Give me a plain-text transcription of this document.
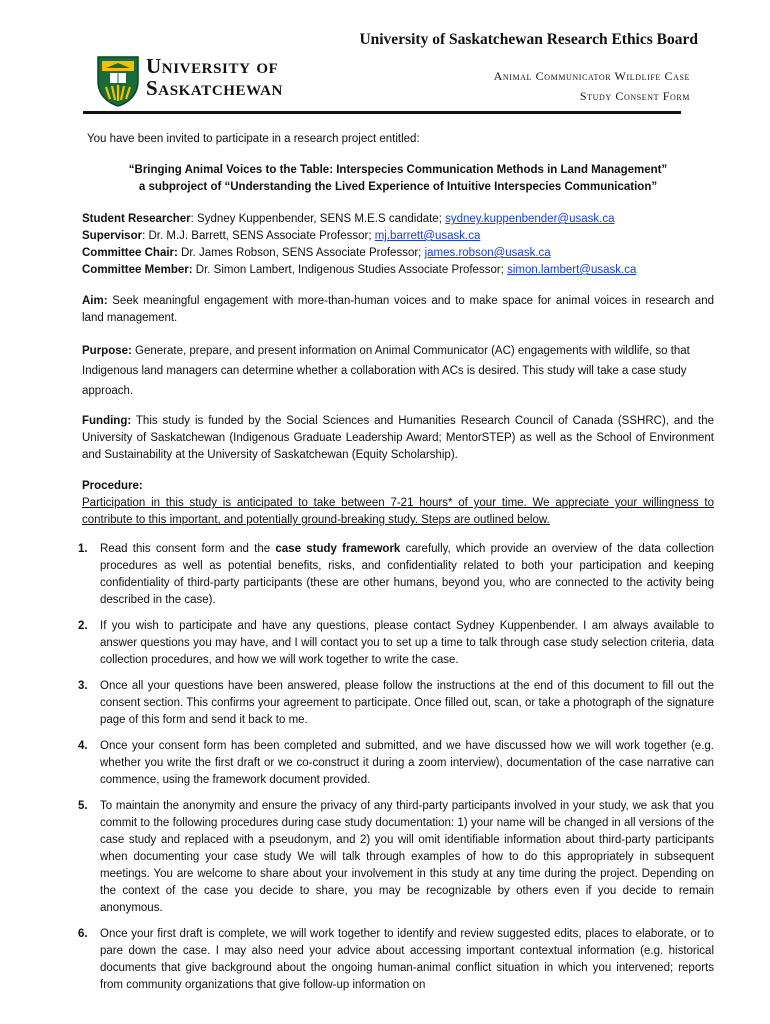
University of
Saskatchewan
University of Saskatchewan Research Ethics Board
Animal Communicator Wildlife Case
Study Consent Form

You have been invited to participate in a research project entitled:

“Bringing Animal Voices to the Table: Interspecies Communication Methods in Land Management”
a subproject of “Understanding the Lived Experience of Intuitive Interspecies Communication”
Student Researcher: Sydney Kuppenbender, SENS M.E.S candidate; sydney.kuppenbender@usask.ca
Supervisor: Dr. M.J. Barrett, SENS Associate Professor; mj.barrett@usask.ca
Committee Chair: Dr. James Robson, SENS Associate Professor; james.robson@usask.ca
Committee Member: Dr. Simon Lambert, Indigenous Studies Associate Professor; simon.lambert@usask.ca

Aim: Seek meaningful engagement with more-than-human voices and to make space for animal voices in research and land management.

Purpose: Generate, prepare, and present information on Animal Communicator (AC) engagements with wildlife, so that Indigenous land managers can determine whether a collaboration with ACs is desired. This study will take a case study approach.

Funding: This study is funded by the Social Sciences and Humanities Research Council of Canada (SSHRC), and the University of Saskatchewan (Indigenous Graduate Leadership Award; MentorSTEP) as well as the School of Environment and Sustainability at the University of Saskatchewan (Equity Scholarship).

Procedure:

Participation in this study is anticipated to take between 7-21 hours* of your time. We appreciate your willingness to contribute to this important, and potentially ground-breaking study. Steps are outlined below.

1. Read this consent form and the case study framework carefully, which provide an overview of the data collection procedures as well as potential benefits, risks, and confidentiality related to both your participation and keeping confidentiality of third-party participants (these are other humans, beyond you, who are connected to the activity being described in the case).
2. If you wish to participate and have any questions, please contact Sydney Kuppenbender. I am always available to answer questions you may have, and I will contact you to set up a time to talk through case study selection criteria, data collection procedures, and how we will work together to write the case.
3. Once all your questions have been answered, please follow the instructions at the end of this document to fill out the consent section. This confirms your agreement to participate. Once filled out, scan, or take a photograph of the signature page of this form and send it back to me.
4. Once your consent form has been completed and submitted, and we have discussed how we will work together (e.g. whether you write the first draft or we co-construct it during a zoom interview), documentation of the case narrative can commence, using the framework document provided.
5. To maintain the anonymity and ensure the privacy of any third-party participants involved in your study, we ask that you commit to the following procedures during case study documentation: 1) your name will be changed in all versions of the case study and replaced with a pseudonym, and 2) you will omit identifiable information about third-party participants when documenting your case study We will talk through examples of how to do this appropriately in subsequent meetings. You are welcome to share about your involvement in this study at any time during the project. Depending on the context of the case you decide to share, you may be recognizable by others even if you decide to remain anonymous.
6. Once your first draft is complete, we will work together to identify and review suggested edits, places to elaborate, or to pare down the case. I may also need your advice about accessing important contextual information (e.g. historical documents that give background about the ongoing human-animal conflict situation in which you intervened; reports from community organizations that give follow-up information on
